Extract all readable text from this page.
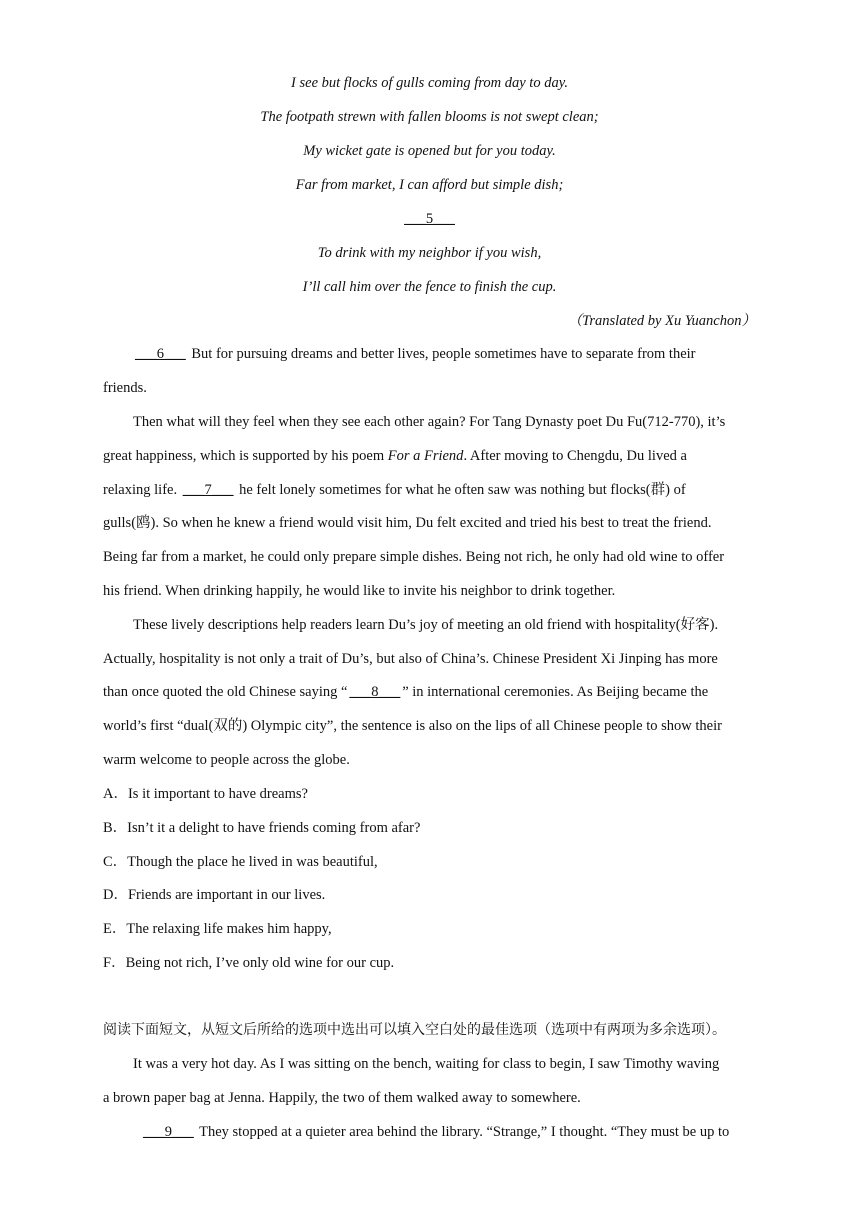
I see but flocks of gulls coming from day to day.
The footpath strewn with fallen blooms is not swept clean;
My wicket gate is opened but for you today.
Far from market, I can afford but simple dish;
___5___
To drink with my neighbor if you wish,
I’ll call him over the fence to finish the cup.
（Translated by Xu Yuanchon）
___6___ But for pursuing dreams and better lives, people sometimes have to separate from their
friends.
Then what will they feel when they see each other again? For Tang Dynasty poet Du Fu(712-770), it’s
great happiness, which is supported by his poem For a Friend. After moving to Chengdu, Du lived a
relaxing life. ___7___ he felt lonely sometimes for what he often saw was nothing but flocks(群) of
gulls(鸥). So when he knew a friend would visit him, Du felt excited and tried his best to treat the friend.
Being far from a market, he could only prepare simple dishes. Being not rich, he only had old wine to offer
his friend. When drinking happily, he would like to invite his neighbor to drink together.
These lively descriptions help readers learn Du’s joy of meeting an old friend with hospitality(好客).
Actually, hospitality is not only a trait of Du’s, but also of China’s. Chinese President Xi Jinping has more
than once quoted the old Chinese saying “ ___8___ ” in international ceremonies. As Beijing became the
world’s first “dual(双的) Olympic city”, the sentence is also on the lips of all Chinese people to show their
warm welcome to people across the globe.
A．Is it important to have dreams?
B．Isn’t it a delight to have friends coming from afar?
C．Though the place he lived in was beautiful,
D．Friends are important in our lives.
E．The relaxing life makes him happy,
F．Being not rich, I’ve only old wine for our cup.
阅读下面短文，从短文后所给的选项中选出可以填入空白处的最佳选项（选项中有两项为多余选项）。
It was a very hot day. As I was sitting on the bench, waiting for class to begin, I saw Timothy waving
a brown paper bag at Jenna. Happily, the two of them walked away to somewhere.
___9___ They stopped at a quieter area behind the library. “Strange,” I thought. “They must be up to
